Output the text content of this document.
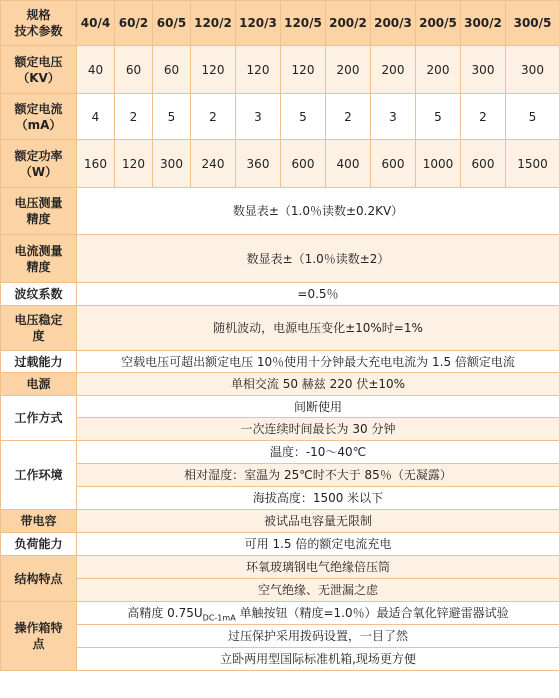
规格
技术参数	40/4	60/2	60/5	120/2	120/3	120/5	200/2	200/3	200/5	300/2	300/5

额定电压
（KV）	40	60	60	120	120	120	200	200	200	300	300

额定电流
（mA）	4	2	5	2	3	5	2	3	5	2	5

额定功率
（W）	160	120	300	240	360	600	400	600	1000	600	1500

电压测量
精度	数显表±（1.0％读数±0.2KV）										

电流测量
精度	数显表±（1.0％读数±2）										
波纹系数	=0.5％										

电压稳定
度	随机波动，电源电压变化±10%时=1%										
过载能力	空载电压可超出额定电压 10％使用十分钟最大充电电流为 1.5 倍额定电流										
电源	单相交流 50 赫兹 220 伏±10%										
工作方式	间断使用										
	一次连续时间最长为 30 分钟										
工作环境	温度：-10～40℃										
	相对湿度：室温为 25℃时不大于 85％（无凝露）										
	海拔高度：1500 米以下										
带电容	被试品电容量无限制										
负荷能力	可用 1.5 倍的额定电流充电										
结构特点	环氧玻璃钢电气绝缘倍压筒										
	空气绝缘、无泄漏之虑										

操作箱特
点	高精度 $0.75U_{DC-1mA}$ 单触按钮（精度=1.0％）最适合氧化锌避雷器试验										
	过压保护采用拨码设置，一目了然										
	立卧两用型国际标准机箱,现场更方便										
